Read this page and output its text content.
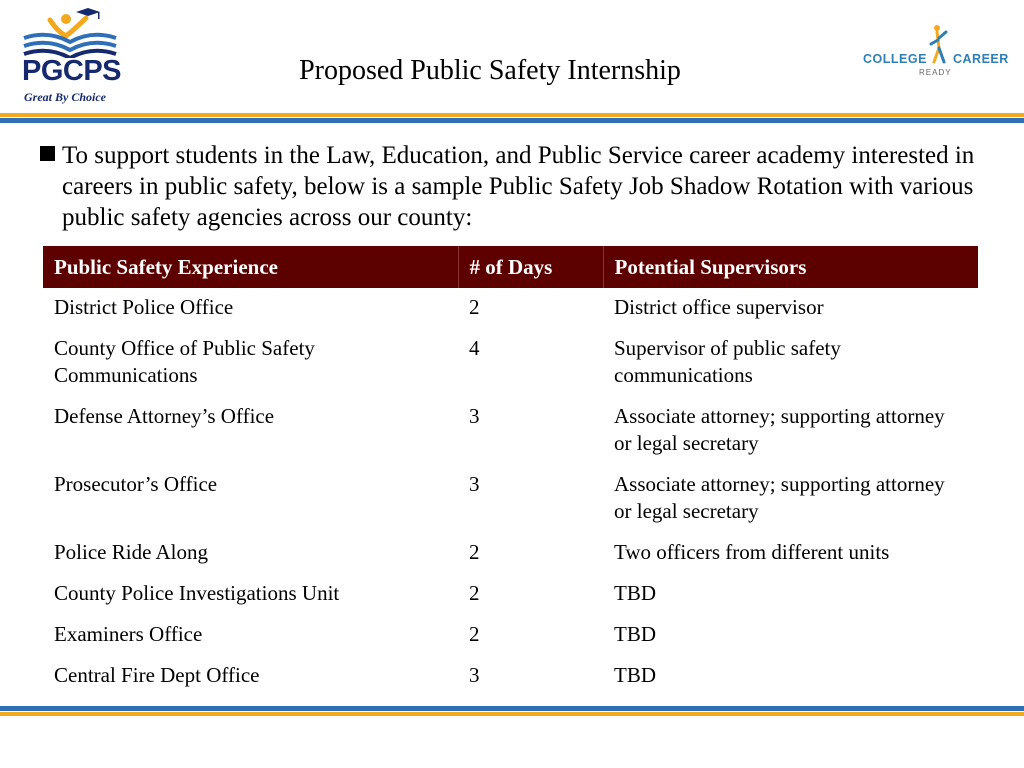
PGCPS
Great By Choice
Proposed Public Safety Internship	COLLEGE CAREER
READY
To support students in the Law, Education, and Public Service career academy interested in careers in public safety, below is a sample Public Safety Job Shadow Rotation with various public safety agencies across our county:
Public Safety Experience	# of Days	Potential Supervisors
District Police Office	2	District office supervisor
County Office of Public Safety Communications	4	Supervisor of public safety communications
Defense Attorney’s Office	3	Associate attorney; supporting attorney or legal secretary
Prosecutor’s Office	3	Associate attorney; supporting attorney or legal secretary
Police Ride Along	2	Two officers from different units
County Police Investigations Unit	2	TBD
Examiners Office	2	TBD
Central Fire Dept Office	3	TBD
